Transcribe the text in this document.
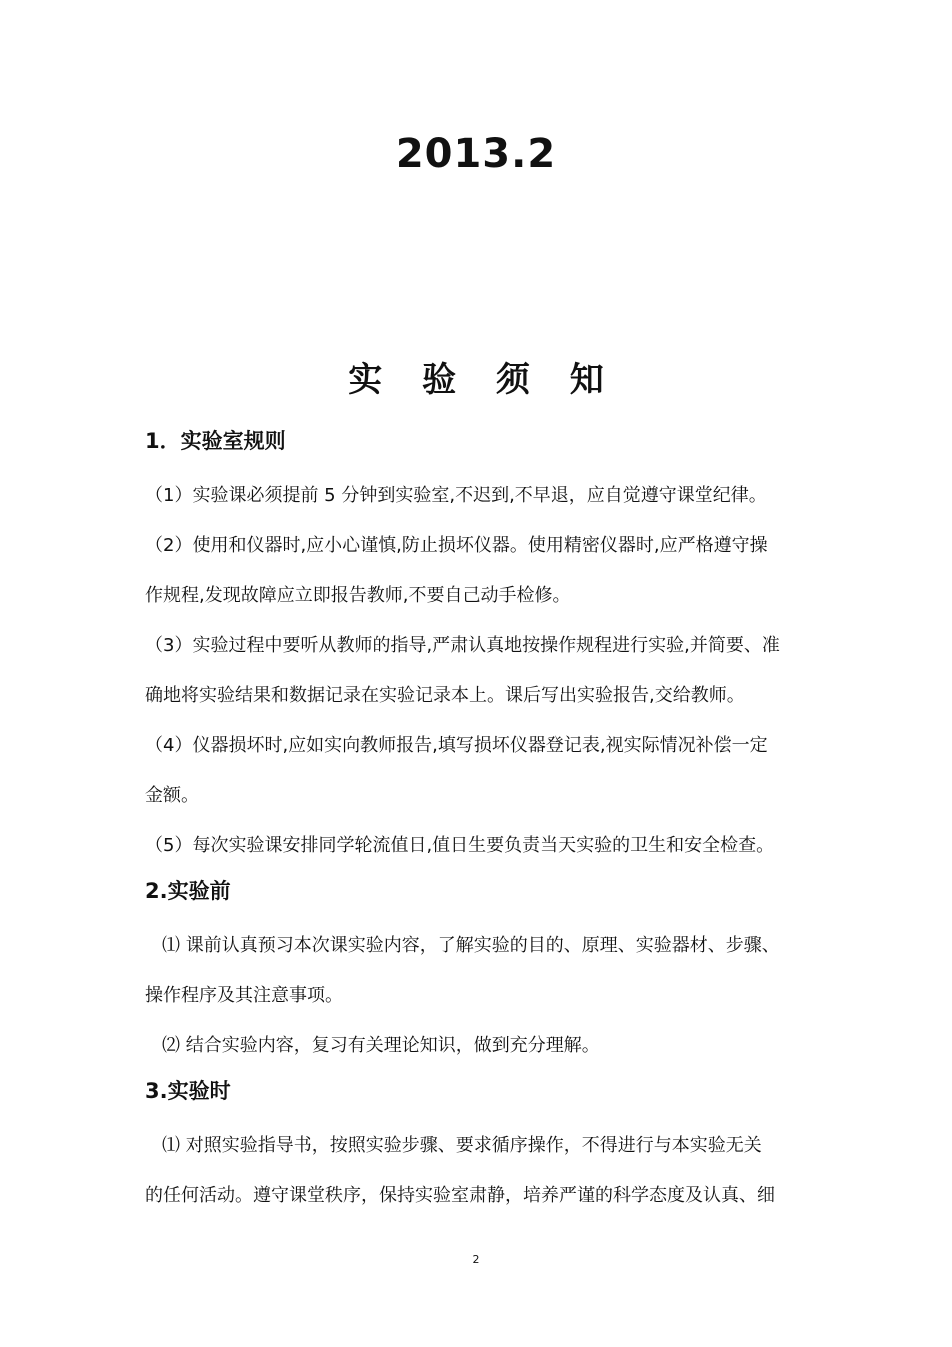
2013.2
实 验 须 知
1．实验室规则
（1）实验课必须提前 5 分钟到实验室,不迟到,不早退，应自觉遵守课堂纪律。
（2）使用和仪器时,应小心谨慎,防止损坏仪器。使用精密仪器时,应严格遵守操
作规程,发现故障应立即报告教师,不要自己动手检修。
（3）实验过程中要听从教师的指导,严肃认真地按操作规程进行实验,并简要、准
确地将实验结果和数据记录在实验记录本上。课后写出实验报告,交给教师。
（4）仪器损坏时,应如实向教师报告,填写损坏仪器登记表,视实际情况补偿一定
金额。
（5）每次实验课安排同学轮流值日,值日生要负责当天实验的卫生和安全检查。
2.实验前
⑴ 课前认真预习本次课实验内容，了解实验的目的、原理、实验器材、步骤、
操作程序及其注意事项。
⑵ 结合实验内容，复习有关理论知识，做到充分理解。
3.实验时
⑴ 对照实验指导书，按照实验步骤、要求循序操作，不得进行与本实验无关
的任何活动。遵守课堂秩序，保持实验室肃静，培养严谨的科学态度及认真、细
2
